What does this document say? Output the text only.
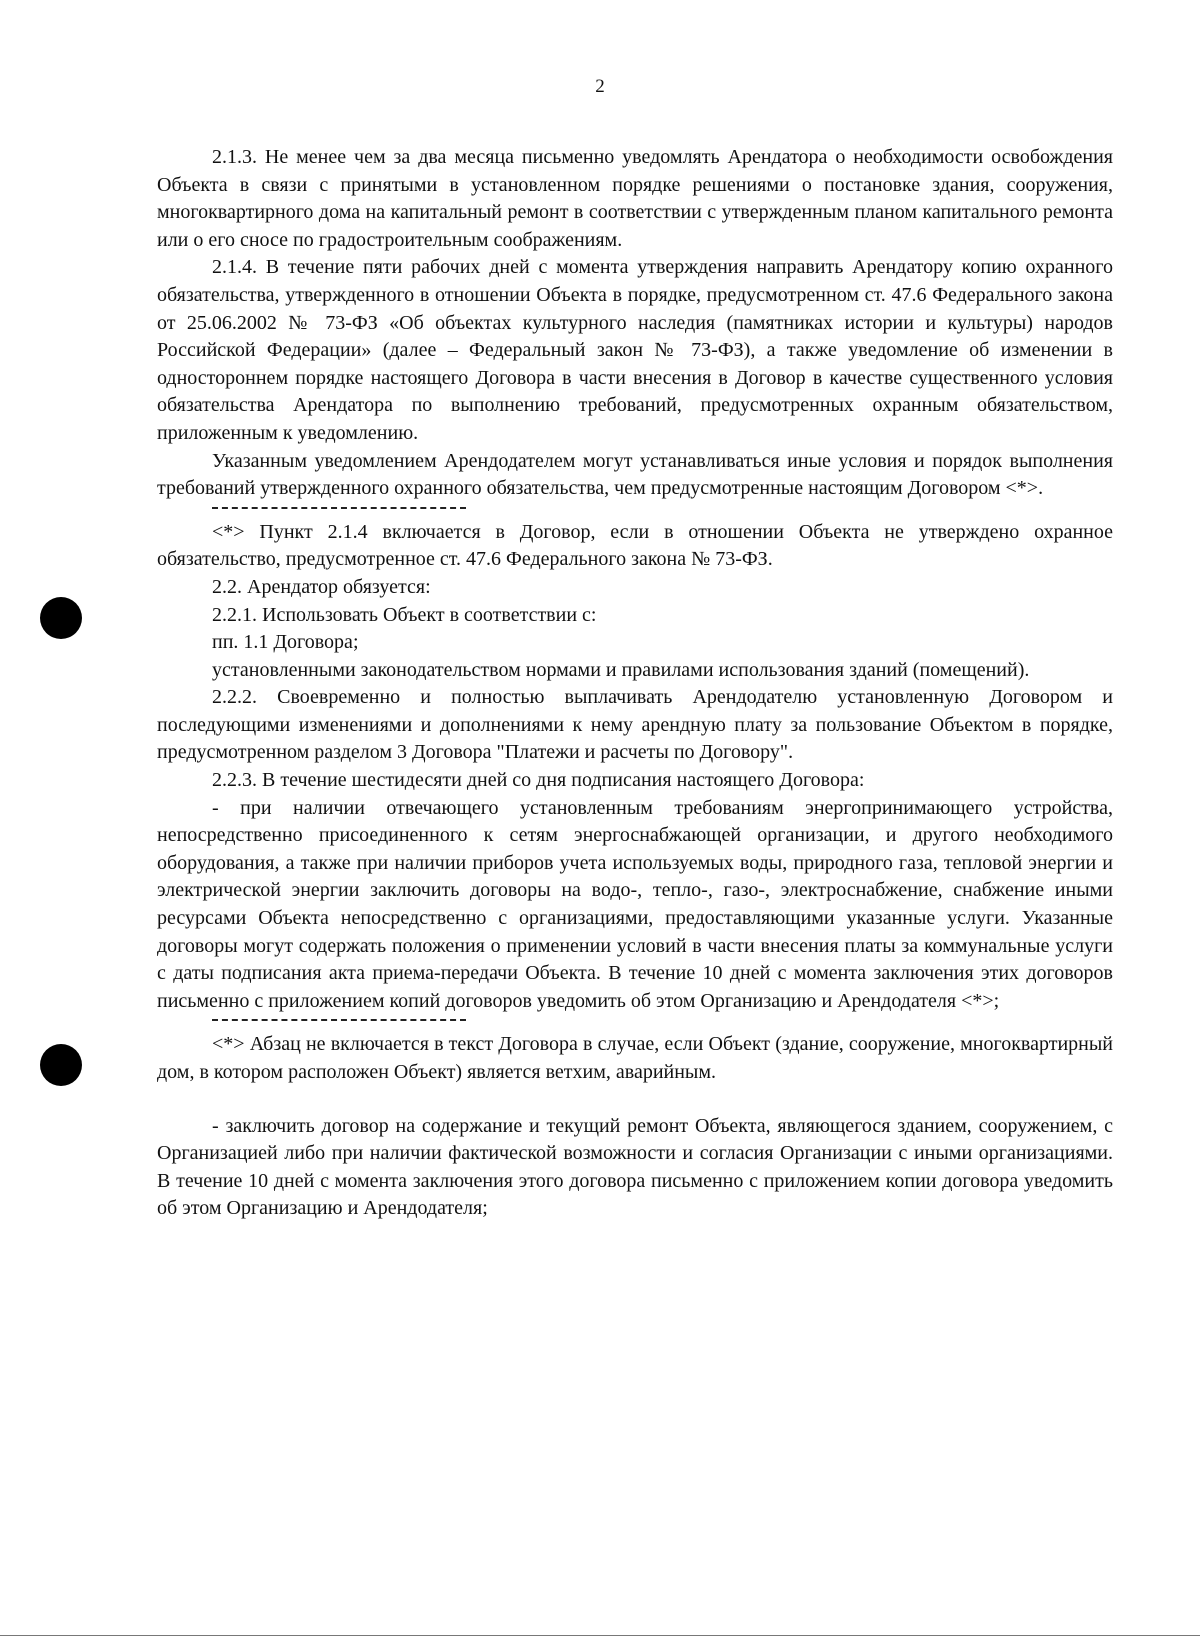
2

2.1.3. Не менее чем за два месяца письменно уведомлять Арендатора о необходимости освобождения Объекта в связи с принятыми в установленном порядке решениями о постановке здания, сооружения, многоквартирного дома на капитальный ремонт в соответствии с утвержденным планом капитального ремонта или о его сносе по градостроительным соображениям.

2.1.4. В течение пяти рабочих дней с момента утверждения направить Арендатору копию охранного обязательства, утвержденного в отношении Объекта в порядке, предусмотренном ст. 47.6 Федерального закона от 25.06.2002 № 73-ФЗ «Об объектах культурного наследия (памятниках истории и культуры) народов Российской Федерации» (далее – Федеральный закон № 73-ФЗ), а также уведомление об изменении в одностороннем порядке настоящего Договора в части внесения в Договор в качестве существенного условия обязательства Арендатора по выполнению требований, предусмотренных охранным обязательством, приложенным к уведомлению.

Указанным уведомлением Арендодателем могут устанавливаться иные условия и порядок выполнения требований утвержденного охранного обязательства, чем предусмотренные настоящим Договором <*>.

<*> Пункт 2.1.4 включается в Договор, если в отношении Объекта не утверждено охранное обязательство, предусмотренное ст. 47.6 Федерального закона № 73-ФЗ.

2.2. Арендатор обязуется:

2.2.1. Использовать Объект в соответствии с:

пп. 1.1 Договора;

установленными законодательством нормами и правилами использования зданий (помещений).

2.2.2. Своевременно и полностью выплачивать Арендодателю установленную Договором и последующими изменениями и дополнениями к нему арендную плату за пользование Объектом в порядке, предусмотренном разделом 3 Договора "Платежи и расчеты по Договору".

2.2.3. В течение шестидесяти дней со дня подписания настоящего Договора:

- при наличии отвечающего установленным требованиям энергопринимающего устройства, непосредственно присоединенного к сетям энергоснабжающей организации, и другого необходимого оборудования, а также при наличии приборов учета используемых воды, природного газа, тепловой энергии и электрической энергии заключить договоры на водо-, тепло-, газо-, электроснабжение, снабжение иными ресурсами Объекта непосредственно с организациями, предоставляющими указанные услуги. Указанные договоры могут содержать положения о применении условий в части внесения платы за коммунальные услуги с даты подписания акта приема-передачи Объекта. В течение 10 дней с момента заключения этих договоров письменно с приложением копий договоров уведомить об этом Организацию и Арендодателя <*>;

<*> Абзац не включается в текст Договора в случае, если Объект (здание, сооружение, многоквартирный дом, в котором расположен Объект) является ветхим, аварийным.

- заключить договор на содержание и текущий ремонт Объекта, являющегося зданием, сооружением, с Организацией либо при наличии фактической возможности и согласия Организации с иными организациями. В течение 10 дней с момента заключения этого договора письменно с приложением копии договора уведомить об этом Организацию и Арендодателя;
